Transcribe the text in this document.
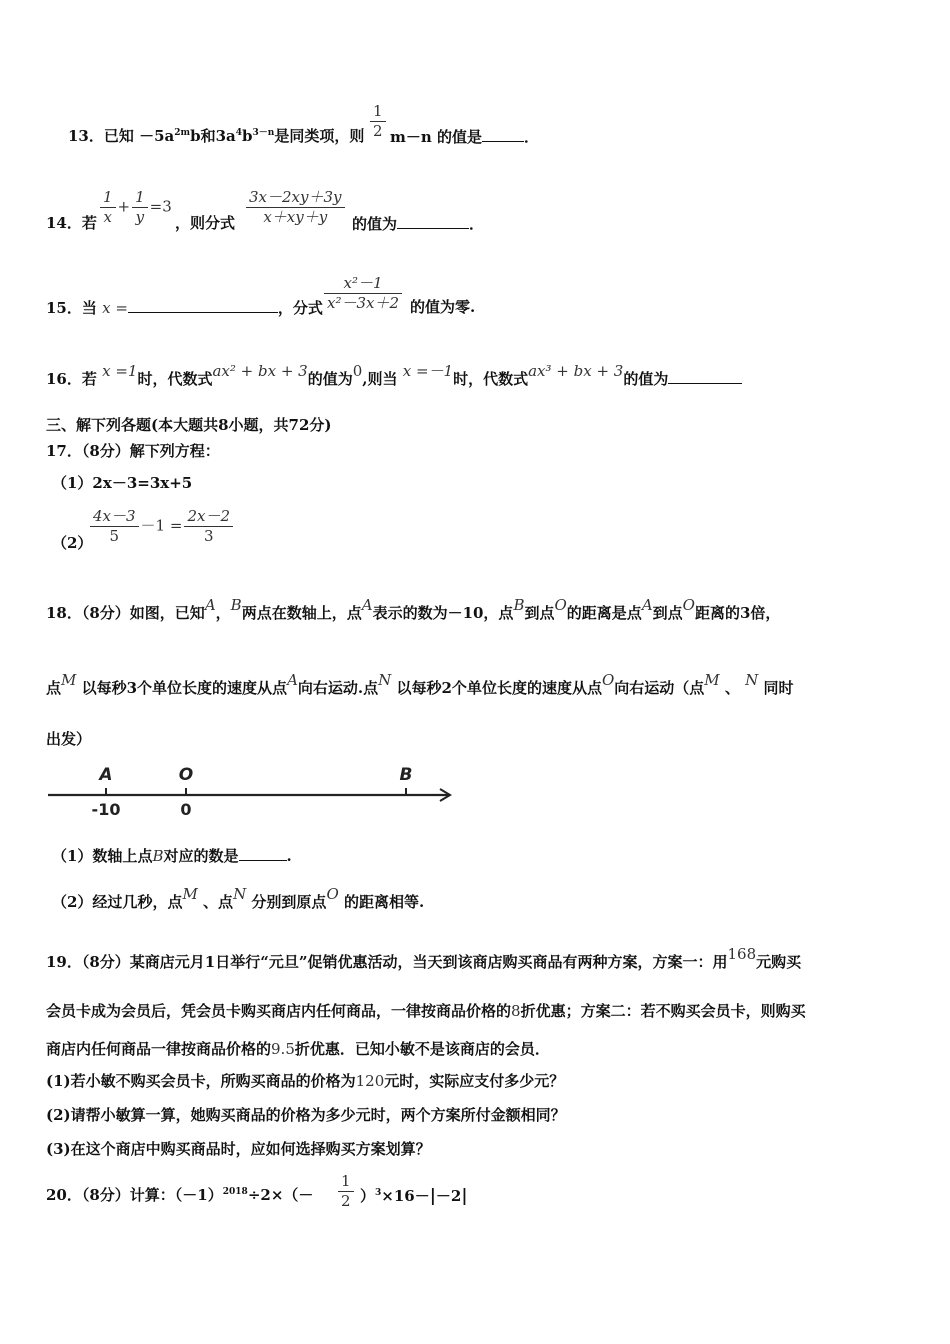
13．已知 $-5a^{2m}b$和$3a^4b^{3-n}$是同类项，则 $\frac{1}{2} m-n$ 的值是	．
14．若 $\frac{1}{x} + \frac{1}{y} =3$
，则分式 $\frac{3x-2xy+3y}{x+xy+y}$ 的值为	．
15．当 x =	，分式 $\frac{\text{x²－1}}{\text{x²－3x＋2}}$ 的值为零.
16．若 x =1时，代数式ax² + bx + 3的值为0,则当 x =－1时，代数式ax³ + bx + 3的值为
三、解下列各题(本大题共8小题，共72分)
17．（8分）解下列方程：
（1）2x－3=3x+5
（2）
$\frac{4x-3}{5} -1 = \frac{2x-2}{3}$
18．（8分）如图，已知A，B两点在数轴上，点A表示的数为－10，点B到点O的距离是点A到点O距离的3倍，
点M 以每秒3个单位长度的速度从点A向右运动.点N 以每秒2个单位长度的速度从点O向右运动（点M 、 N 同时
出发）
A	O	B
-10	0
（1）数轴上点B对应的数是	.
（2）经过几秒，点M 、点N 分别到原点O 的距离相等.
19．（8分）某商店元月1日举行“元旦”促销优惠活动，当天到该商店购买商品有两种方案，方案一：用168元购买
会员卡成为会员后，凭会员卡购买商店内任何商品，一律按商品价格的8折优惠；方案二：若不购买会员卡，则购买
商店内任何商品一律按商品价格的9.5折优惠．已知小敏不是该商店的会员．
(1)若小敏不购买会员卡，所购买商品的价格为120元时，实际应支付多少元？
(2)请帮小敏算一算，她购买商品的价格为多少元时，两个方案所付金额相同？
(3)在这个商店中购买商品时，应如何选择购买方案划算？
20．（8分）计算：$(-1)^{2018}\div 2\times(- \frac{1}{2} )^3\times 16-|-2|$
